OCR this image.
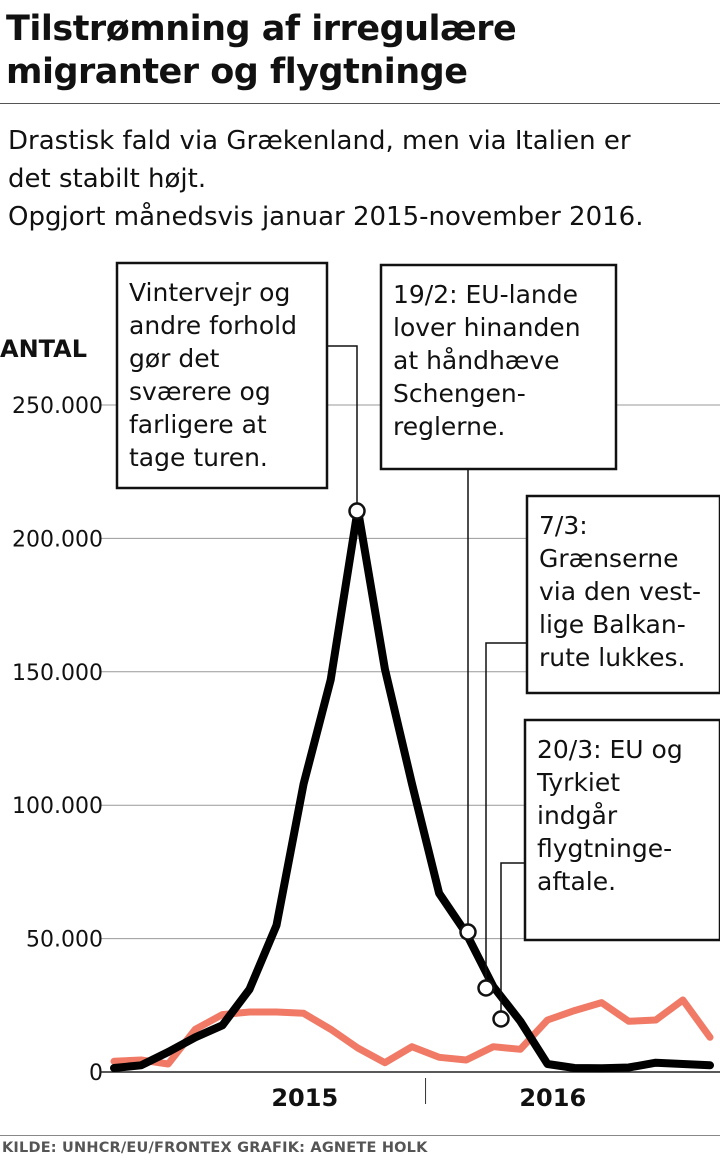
Tilstrømning af irregulære
migranter og flygtninge
Drastisk fald via Grækenland, men via Italien er
det stabilt højt.
Opgjort månedsvis januar 2015-november 2016.
0
50.000
100.000
150.000
200.000
250.000
ANTAL
2015	2016
Vintervejr og
andre forhold
gør det
sværere og
farligere at
tage turen.
19/2: EU-lande
lover hinanden
at håndhæve
Schengen-
reglerne.
7/3:
Grænserne
via den vest-
lige Balkan-
rute lukkes.
20/3: EU og
Tyrkiet
indgår
flygtninge-
aftale.
KILDE: UNHCR/EU/FRONTEX GRAFIK: AGNETE HOLK
